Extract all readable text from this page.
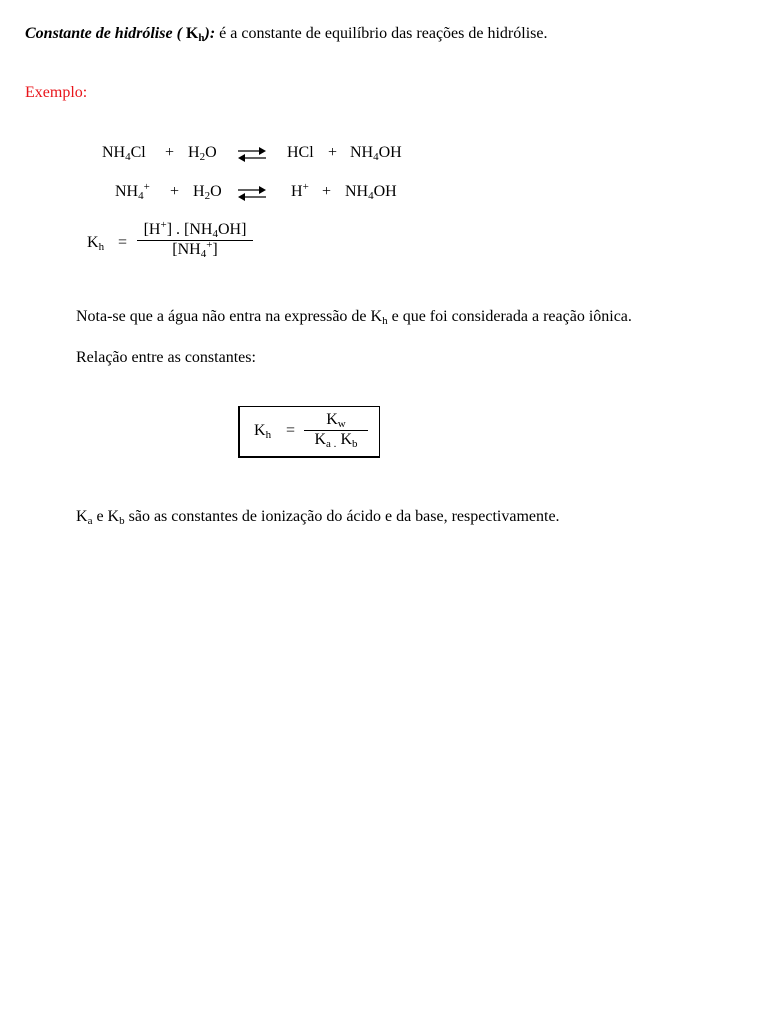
Constante de hidrólise ( $K_h$): é a constante de equilíbrio das reações de hidrólise.
Exemplo:
$NH_4Cl + H_2O$ ⇌ HCl + $NH_4OH$
$NH_4^+ + H_2O$ ⇌ $H^+ + NH_4OH$
$K_h$ =
[H+] . $[NH_4OH]$
$[NH_4^+]$
Nota-se que a água não entra na expressão de $K_h$ e que foi considerada a reação iônica.
Relação entre as constantes:
$K_h$ =
$K_w$
$K_{a .}$ $K_b$
$K_a$ e $K_b$ são as constantes de ionização do ácido e da base, respectivamente.
